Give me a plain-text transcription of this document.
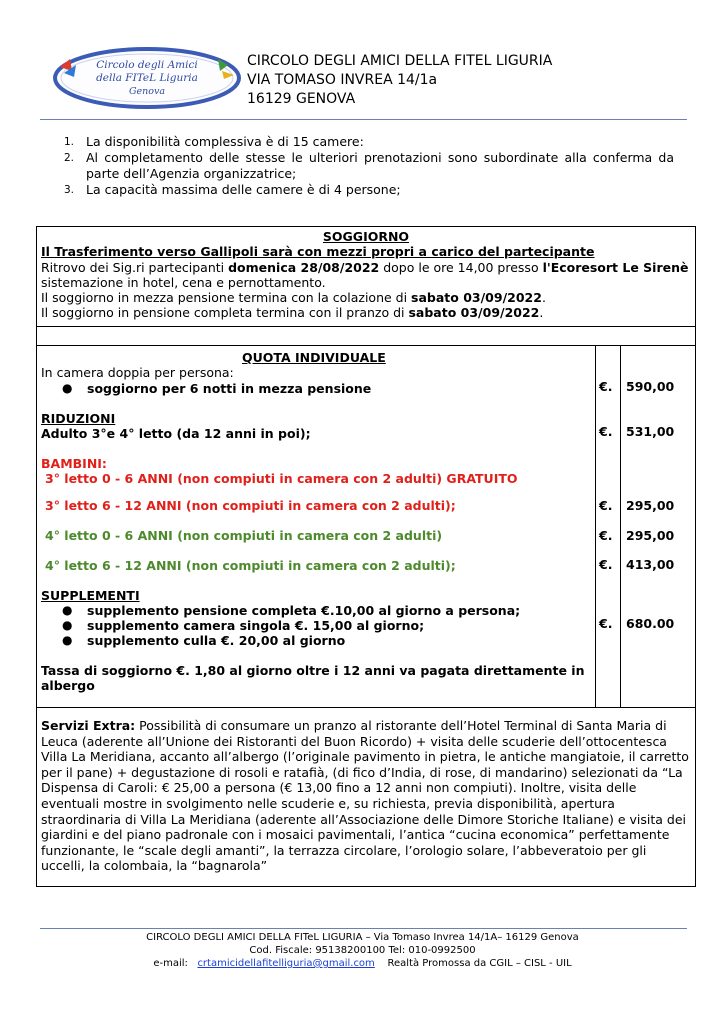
Circolo degli Amici
della FITeL Liguria
Genova
CIRCOLO DEGLI AMICI DELLA FITEL LIGURIA
VIA TOMASO INVREA 14/1a
16129 GENOVA
1. La disponibilità complessiva è di 15 camere:
2. Al completamento delle stesse le ulteriori prenotazioni sono subordinate alla conferma da parte dell’Agenzia organizzatrice;
3. La capacità massima delle camere è di 4 persone;
SOGGIORNO
Il Trasferimento verso Gallipoli sarà con mezzi propri a carico del partecipante
Ritrovo dei Sig.ri partecipanti domenica 28/08/2022 dopo le ore 14,00 presso l'Ecoresort Le Sirenè
sistemazione in hotel, cena e pernottamento.
Il soggiorno in mezza pensione termina con la colazione di sabato 03/09/2022.
Il soggiorno in pensione completa termina con il pranzo di sabato 03/09/2022.
QUOTA INDIVIDUALE
In camera doppia per persona:
● soggiorno per 6 notti in mezza pensione
RIDUZIONI
Adulto 3°e 4° letto (da 12 anni in poi);
BAMBINI:
3° letto 0 - 6 ANNI (non compiuti in camera con 2 adulti) GRATUITO
3° letto 6 - 12 ANNI (non compiuti in camera con 2 adulti);
4° letto 0 - 6 ANNI (non compiuti in camera con 2 adulti)
4° letto 6 - 12 ANNI (non compiuti in camera con 2 adulti);
SUPPLEMENTI
● supplemento pensione completa €.10,00 al giorno a persona;
● supplemento camera singola €. 15,00 al giorno;
● supplemento culla €. 20,00 al giorno
Tassa di soggiorno €. 1,80 al giorno oltre i 12 anni va pagata direttamente in albergo
€. 590,00
€. 531,00
€. 295,00
€. 295,00
€. 413,00
€. 680.00
Servizi Extra: Possibilità di consumare un pranzo al ristorante dell’Hotel Terminal di Santa Maria di Leuca (aderente all’Unione dei Ristoranti del Buon Ricordo) + visita delle scuderie dell’ottocentesca Villa La Meridiana, accanto all’albergo (l’originale pavimento in pietra, le antiche mangiatoie, il carretto per il pane) + degustazione di rosoli e ratafià, (di fico d’India, di rose, di mandarino) selezionati da “La Dispensa di Caroli: € 25,00 a persona (€ 13,00 fino a 12 anni non compiuti). Inoltre, visita delle eventuali mostre in svolgimento nelle scuderie e, su richiesta, previa disponibilità, apertura straordinaria di Villa La Meridiana (aderente all’Associazione delle Dimore Storiche Italiane) e visita dei giardini e del piano padronale con i mosaici pavimentali, l’antica “cucina economica” perfettamente funzionante, le “scale degli amanti”, la terrazza circolare, l’orologio solare, l’abbeveratoio per gli uccelli, la colombaia, la “bagnarola”
CIRCOLO DEGLI AMICI DELLA FITeL LIGURIA – Via Tomaso Invrea 14/1A– 16129 Genova
Cod. Fiscale: 95138200100 Tel: 010-0992500
e-mail: crtamicidellafitelliguria@gmail.com Realtà Promossa da CGIL – CISL - UIL
